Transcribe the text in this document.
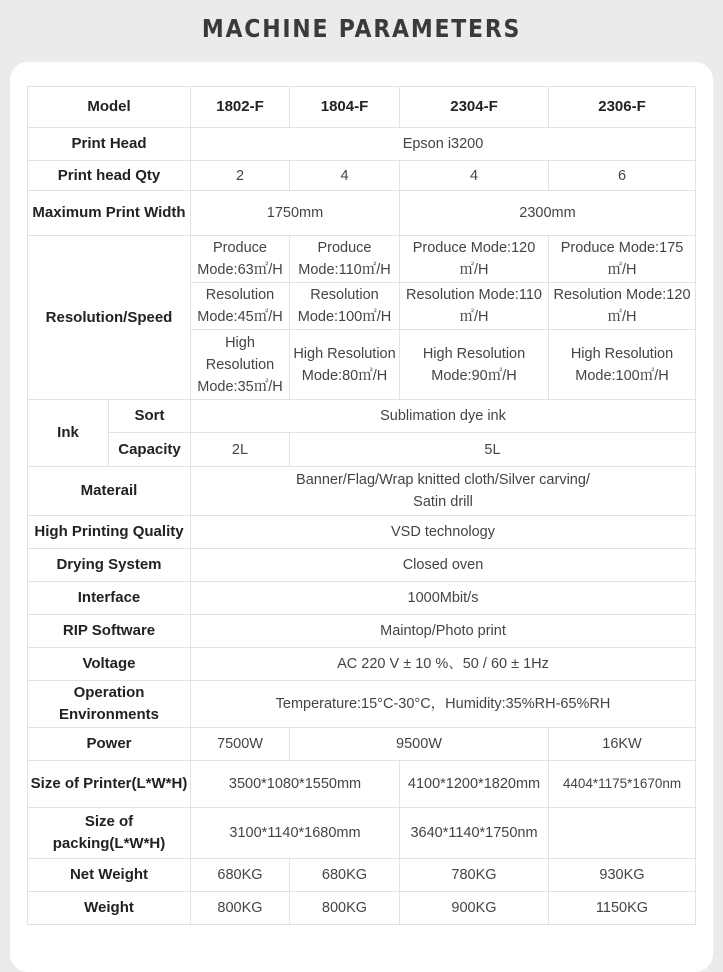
MACHINE PARAMETERS
Model		1802-F	1804-F	2304-F	2306-F
Print Head		Epson i3200			
Print head Qty		2	4	4	6
Maximum Print Width		1750mm		2300mm	
Resolution/Speed		Produce Mode:63㎡/H	Produce Mode:110㎡/H	Produce Mode:120㎡/H	Produce Mode:175㎡/H
		Resolution Mode:45㎡/H	Resolution Mode:100㎡/H	Resolution Mode:110㎡/H	Resolution Mode:120㎡/H
		High Resolution Mode:35㎡/H	High Resolution Mode:80㎡/H	High Resolution Mode:90㎡/H	High Resolution Mode:100㎡/H
Ink	Sort	Sublimation dye ink			
	Capacity	2L	5L		
Materail		Banner/Flag/Wrap knitted cloth/Silver carving/ Satin drill			

High Printing Quality		VSD technology			
Drying System		Closed oven			
Interface		1000Mbit/s			
RIP Software		Maintop/Photo print			
Voltage		AC 220 V ± 10 %、50 / 60 ± 1Hz			
Operation Environments		Temperature:15°C-30°C，Humidity:35%RH-65%RH			
Power		7500W	9500W		16KW
Size of Printer(L*W*H)		3500*1080*1550mm		4100*1200*1820mm	4404*1175*1670nm
Size of packing(L*W*H)		3100*1140*1680mm		3640*1140*1750nm	
Net Weight		680KG	680KG	780KG	930KG
Weight		800KG	800KG	900KG	1150KG
